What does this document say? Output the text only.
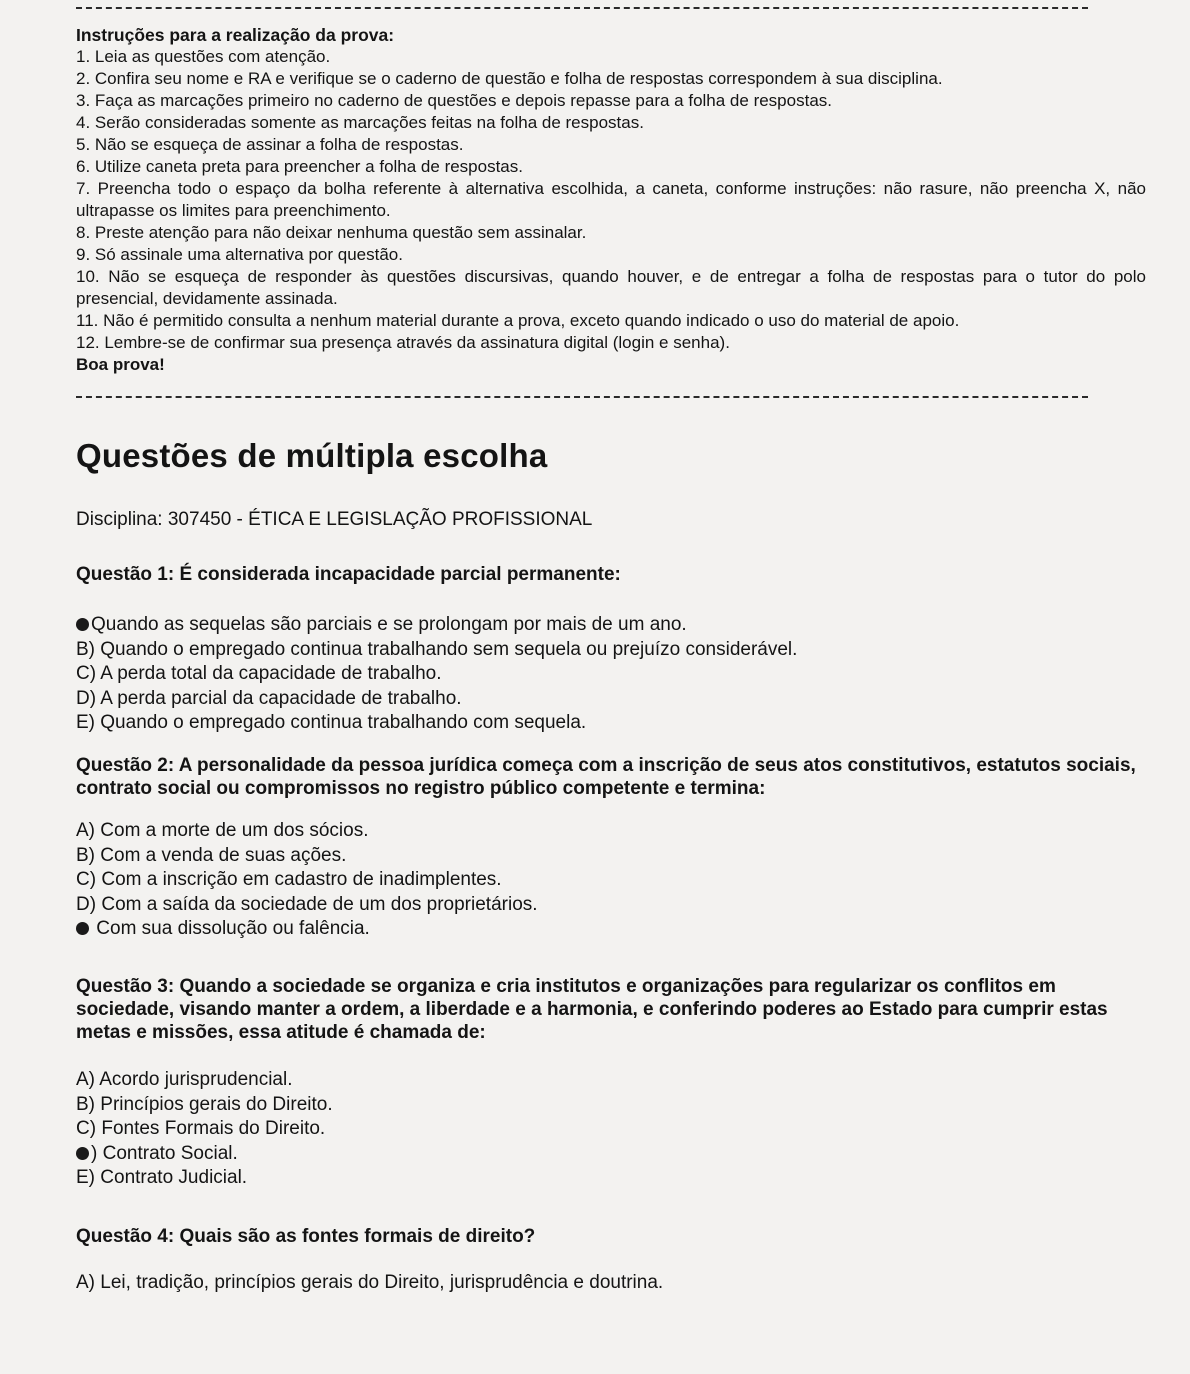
Instruções para a realização da prova:

1. Leia as questões com atenção.

2. Confira seu nome e RA e verifique se o caderno de questão e folha de respostas correspondem à sua disciplina.

3. Faça as marcações primeiro no caderno de questões e depois repasse para a folha de respostas.

4. Serão consideradas somente as marcações feitas na folha de respostas.

5. Não se esqueça de assinar a folha de respostas.

6. Utilize caneta preta para preencher a folha de respostas.

7. Preencha todo o espaço da bolha referente à alternativa escolhida, a caneta, conforme instruções: não rasure, não preencha X, não ultrapasse os limites para preenchimento.

8. Preste atenção para não deixar nenhuma questão sem assinalar.

9. Só assinale uma alternativa por questão.

10. Não se esqueça de responder às questões discursivas, quando houver, e de entregar a folha de respostas para o tutor do polo presencial, devidamente assinada.

11. Não é permitido consulta a nenhum material durante a prova, exceto quando indicado o uso do material de apoio.

12. Lembre-se de confirmar sua presença através da assinatura digital (login e senha).

Boa prova!
Questões de múltipla escolha
Disciplina: 307450 - ÉTICA E LEGISLAÇÃO PROFISSIONAL

Questão 1: É considerada incapacidade parcial permanente:

Quando as sequelas são parciais e se prolongam por mais de um ano.

B) Quando o empregado continua trabalhando sem sequela ou prejuízo considerável.

C) A perda total da capacidade de trabalho.

D) A perda parcial da capacidade de trabalho.

E) Quando o empregado continua trabalhando com sequela.

Questão 2: A personalidade da pessoa jurídica começa com a inscrição de seus atos constitutivos, estatutos sociais, contrato social ou compromissos no registro público competente e termina:

A) Com a morte de um dos sócios.

B) Com a venda de suas ações.

C) Com a inscrição em cadastro de inadimplentes.

D) Com a saída da sociedade de um dos proprietários.

Com sua dissolução ou falência.

Questão 3: Quando a sociedade se organiza e cria institutos e organizações para regularizar os conflitos em sociedade, visando manter a ordem, a liberdade e a harmonia, e conferindo poderes ao Estado para cumprir estas metas e missões, essa atitude é chamada de:

A) Acordo jurisprudencial.

B) Princípios gerais do Direito.

C) Fontes Formais do Direito.

) Contrato Social.

E) Contrato Judicial.

Questão 4: Quais são as fontes formais de direito?

A) Lei, tradição, princípios gerais do Direito, jurisprudência e doutrina.
